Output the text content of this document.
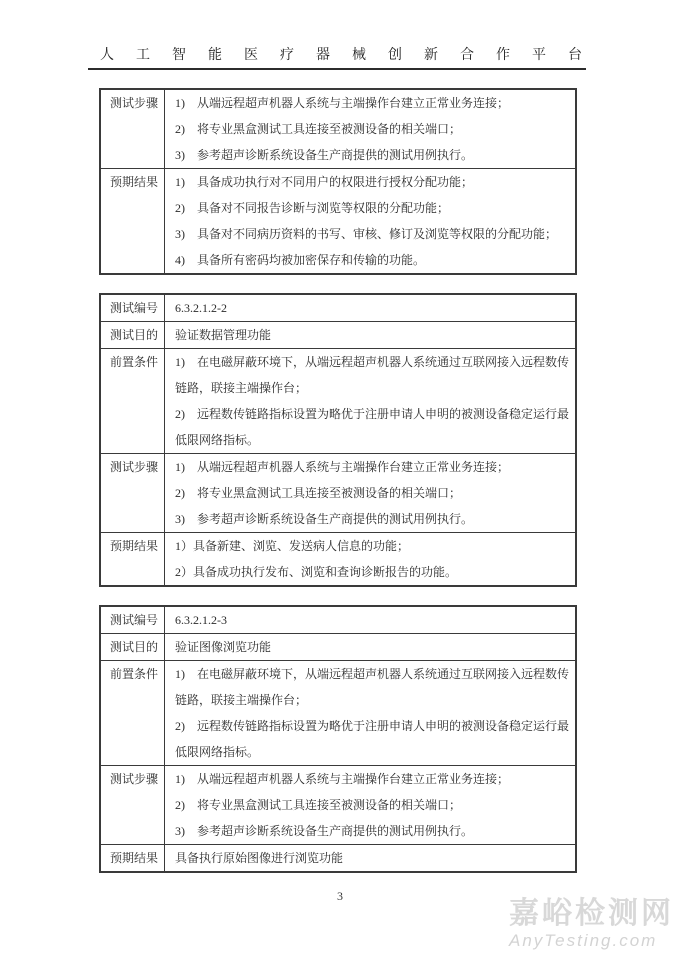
人工智能医疗器械创新合作平台
测试步骤	1)　从端远程超声机器人系统与主端操作台建立正常业务连接；
2)　将专业黑盒测试工具连接至被测设备的相关端口；
3)　参考超声诊断系统设备生产商提供的测试用例执行。
预期结果	1)　具备成功执行对不同用户的权限进行授权分配功能；
2)　具备对不同报告诊断与浏览等权限的分配功能；
3)　具备对不同病历资料的书写、审核、修订及浏览等权限的分配功能；
4)　具备所有密码均被加密保存和传输的功能。
测试编号	6.3.2.1.2-2
测试目的	验证数据管理功能
前置条件	1)　在电磁屏蔽环境下，从端远程超声机器人系统通过互联网接入远程数传链路，联接主端操作台；
2)　远程数传链路指标设置为略优于注册申请人申明的被测设备稳定运行最低限网络指标。
测试步骤	1)　从端远程超声机器人系统与主端操作台建立正常业务连接；
2)　将专业黑盒测试工具连接至被测设备的相关端口；
3)　参考超声诊断系统设备生产商提供的测试用例执行。
预期结果	1）具备新建、浏览、发送病人信息的功能；
2）具备成功执行发布、浏览和查询诊断报告的功能。
测试编号	6.3.2.1.2-3
测试目的	验证图像浏览功能
前置条件	1)　在电磁屏蔽环境下，从端远程超声机器人系统通过互联网接入远程数传链路，联接主端操作台；
2)　远程数传链路指标设置为略优于注册申请人申明的被测设备稳定运行最低限网络指标。
测试步骤	1)　从端远程超声机器人系统与主端操作台建立正常业务连接；
2)　将专业黑盒测试工具连接至被测设备的相关端口；
3)　参考超声诊断系统设备生产商提供的测试用例执行。
预期结果	具备执行原始图像进行浏览功能
3
嘉峪检测网
AnyTesting.com
